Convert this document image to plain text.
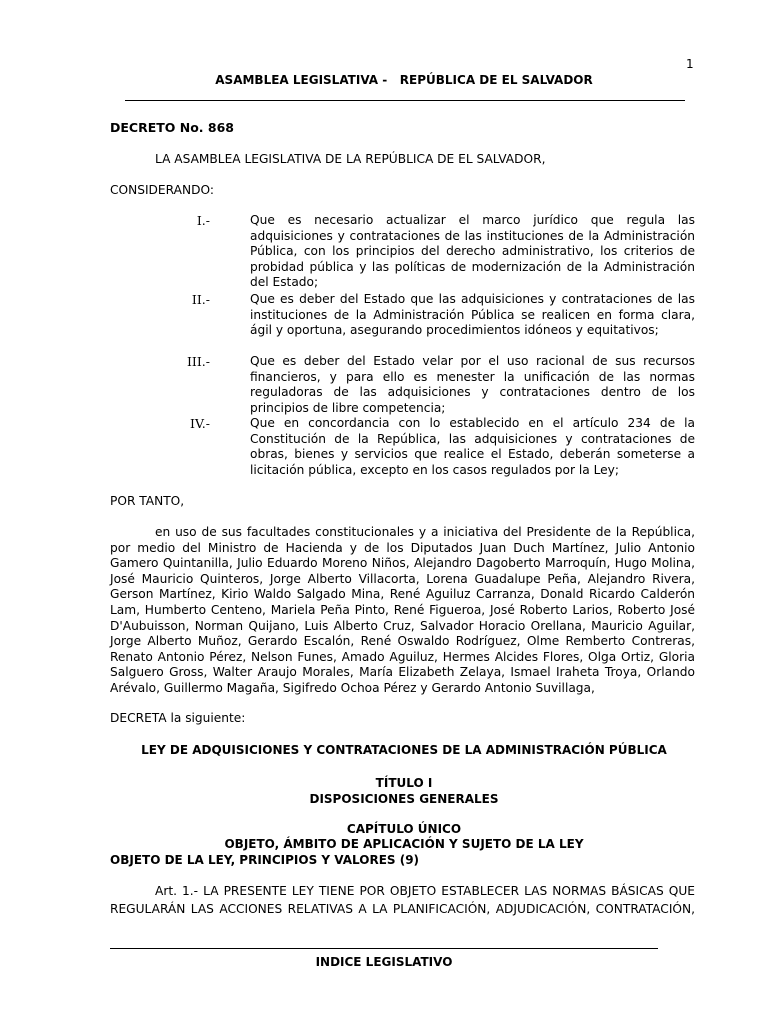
1
ASAMBLEA LEGISLATIVA -   REPÚBLICA DE EL SALVADOR
DECRETO No. 868
LA ASAMBLEA LEGISLATIVA DE LA REPÚBLICA DE EL SALVADOR,
CONSIDERANDO:
I.-	Que es necesario actualizar el marco jurídico que regula las adquisiciones y contrataciones de las instituciones de la Administración Pública, con los principios del derecho administrativo, los criterios de probidad pública y las políticas de modernización de la Administración del Estado;
II.-	Que es deber del Estado que las adquisiciones y contrataciones de las instituciones de la Administración Pública se realicen en forma clara, ágil y oportuna, asegurando procedimientos idóneos y equitativos;
III.-	Que es deber del Estado velar por el uso racional de sus recursos financieros, y para ello es menester la unificación de las normas reguladoras de las adquisiciones y contrataciones dentro de los principios de libre competencia;
IV.-	Que en concordancia con lo establecido en el artículo 234 de la Constitución de la República, las adquisiciones y contrataciones de obras, bienes y servicios que realice el Estado, deberán someterse a licitación pública, excepto en los casos regulados por la Ley;
POR TANTO,
en uso de sus facultades constitucionales y a iniciativa del Presidente de la República, por medio del Ministro de Hacienda y de los Diputados Juan Duch Martínez, Julio Antonio Gamero Quintanilla, Julio Eduardo Moreno Niños, Alejandro Dagoberto Marroquín, Hugo Molina, José Mauricio Quinteros, Jorge Alberto Villacorta, Lorena Guadalupe Peña, Alejandro Rivera, Gerson Martínez, Kirio Waldo Salgado Mina, René Aguiluz Carranza, Donald Ricardo Calderón Lam, Humberto Centeno, Mariela Peña Pinto, René Figueroa, José Roberto Larios, Roberto José D'Aubuisson, Norman Quijano, Luis Alberto Cruz, Salvador Horacio Orellana, Mauricio Aguilar, Jorge Alberto Muñoz, Gerardo Escalón, René Oswaldo Rodríguez, Olme Remberto Contreras, Renato Antonio Pérez, Nelson Funes, Amado Aguiluz, Hermes Alcides Flores, Olga Ortiz, Gloria Salguero Gross, Walter Araujo Morales, María Elizabeth Zelaya, Ismael Iraheta Troya, Orlando Arévalo, Guillermo Magaña, Sigifredo Ochoa Pérez y Gerardo Antonio Suvillaga,
DECRETA la siguiente:
LEY DE ADQUISICIONES Y CONTRATACIONES DE LA ADMINISTRACIÓN PÚBLICA
TÍTULO I
DISPOSICIONES GENERALES
CAPÍTULO ÚNICO
OBJETO, ÁMBITO DE APLICACIÓN Y SUJETO DE LA LEY
OBJETO DE LA LEY, PRINCIPIOS Y VALORES (9)
Art. 1.- LA PRESENTE LEY TIENE POR OBJETO ESTABLECER LAS NORMAS BÁSICAS QUE REGULARÁN LAS ACCIONES RELATIVAS A LA PLANIFICACIÓN, ADJUDICACIÓN, CONTRATACIÓN,
INDICE LEGISLATIVO
